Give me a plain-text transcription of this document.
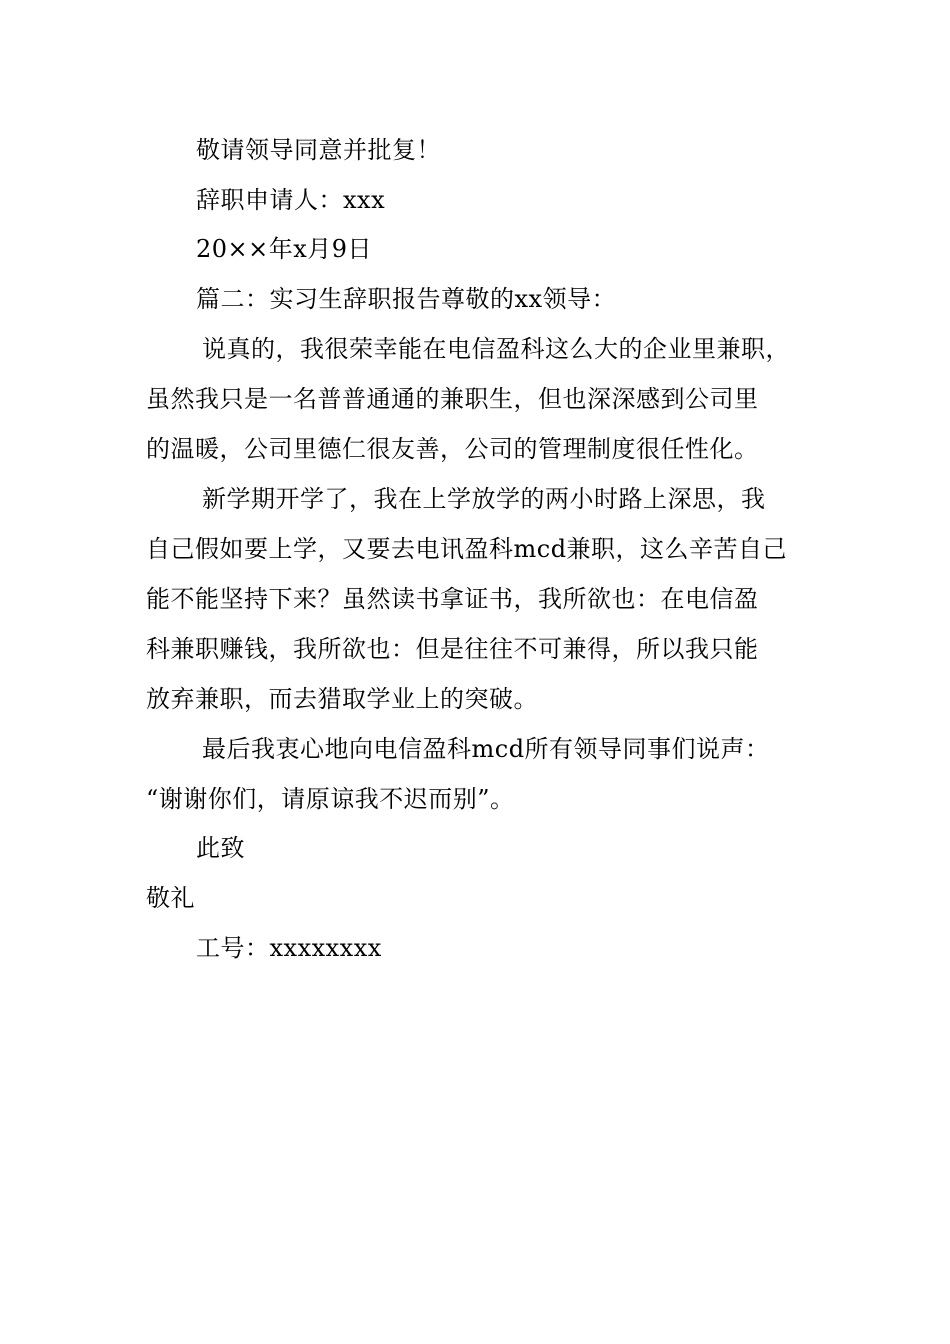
敬请领导同意并批复！
辞职申请人：xxx
20××年x月9日
篇二：实习生辞职报告尊敬的xx领导：
说真的，我很荣幸能在电信盈科这么大的企业里兼职，
虽然我只是一名普普通通的兼职生，但也深深感到公司里
的温暖，公司里德仁很友善，公司的管理制度很任性化。
新学期开学了，我在上学放学的两小时路上深思，我
自己假如要上学，又要去电讯盈科mcd兼职，这么辛苦自己
能不能坚持下来？虽然读书拿证书，我所欲也：在电信盈
科兼职赚钱，我所欲也：但是往往不可兼得，所以我只能
放弃兼职，而去猎取学业上的突破。
最后我衷心地向电信盈科mcd所有领导同事们说声：
“谢谢你们，请原谅我不迟而别”。
此致
敬礼
工号：xxxxxxxx
